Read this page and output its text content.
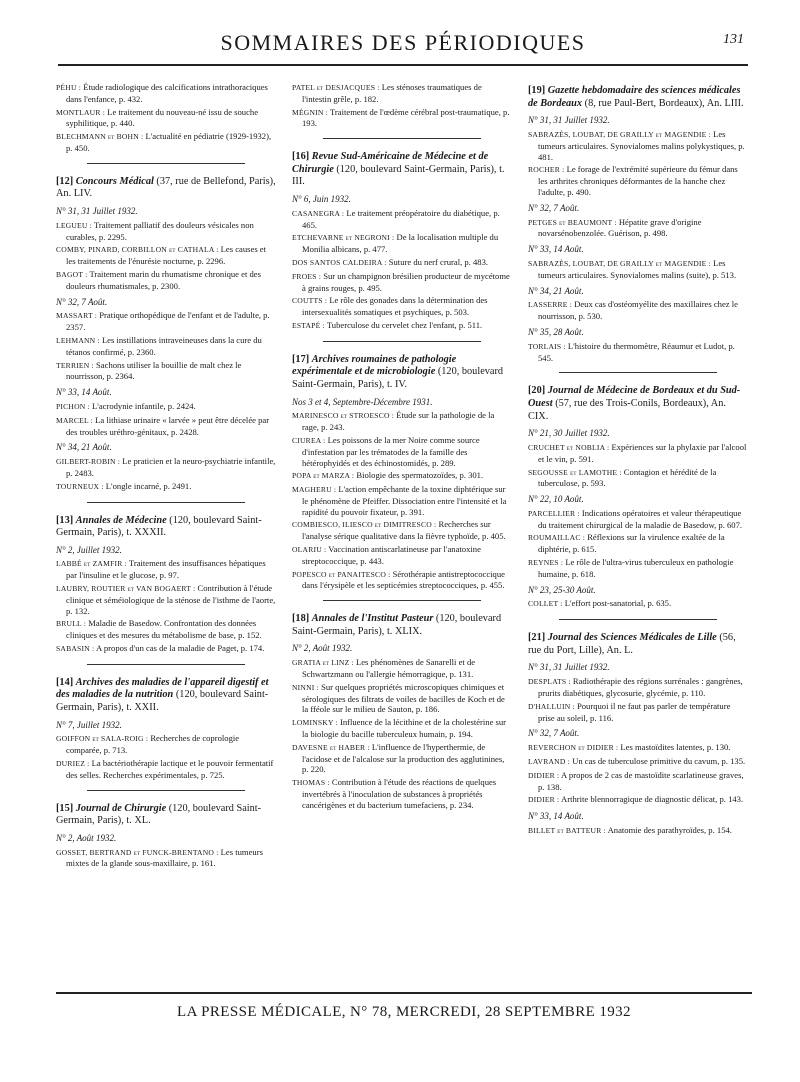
SOMMAIRES DES PÉRIODIQUES	131
PÉHU : Étude radiologique des calcifications intrathoraciques dans l'enfance, p. 432.
MONTLAUR : Le traitement du nouveau-né issu de souche syphilitique, p. 440.
BLECHMANN et BOHN : L'actualité en pédiatrie (1929-1932), p. 450.
[12] Concours Médical (37, rue de Bellefond, Paris), An. LIV.
N° 31, 31 Juillet 1932.
LEGUEU : Traitement palliatif des douleurs vésicales non curables, p. 2295.
COMBY, PINARD, CORBILLON et CATHALA : Les causes et les traitements de l'énurésie nocturne, p. 2296.
BAGOT : Traitement marin du rhumatisme chronique et des douleurs rhumatismales, p. 2300.
N° 32, 7 Août.
MASSART : Pratique orthopédique de l'enfant et de l'adulte, p. 2357.
LEHMANN : Les instillations intraveineuses dans la cure du tétanos confirmé, p. 2360.
TERRIEN : Sachons utiliser la bouillie de malt chez le nourrisson, p. 2364.
N° 33, 14 Août.
PICHON : L'acrodynie infantile, p. 2424.
MARCEL : La lithiase urinaire « larvée » peut être décelée par des troubles uréthro-génitaux, p. 2428.
N° 34, 21 Août.
GILBERT-ROBIN : Le praticien et la neuro-psychiatrie infantile, p. 2483.
TOURNEUX : L'ongle incarné, p. 2491.
[13] Annales de Médecine (120, boulevard Saint-Germain, Paris), t. XXXII.
N° 2, Juillet 1932.
LABBÉ et ZAMFIR : Traitement des insuffisances hépatiques par l'insuline et le glucose, p. 97.
LAUBRY, ROUTIER et VAN BOGAERT : Contribution à l'étude clinique et séméiologique de la sténose de l'isthme de l'aorte, p. 132.
BRULL : Maladie de Basedow. Confrontation des données cliniques et des mesures du métabolisme de base, p. 152.
SABASIN : A propos d'un cas de la maladie de Paget, p. 174.
[14] Archives des maladies de l'appareil digestif et des maladies de la nutrition (120, boulevard Saint-Germain, Paris), t. XXII.
N° 7, Juillet 1932.
GOIFFON et SALA-ROIG : Recherches de coprologie comparée, p. 713.
DURIEZ : La bactériothérapie lactique et le pouvoir fermentatif des selles. Recherches expérimentales, p. 725.
[15] Journal de Chirurgie (120, boulevard Saint-Germain, Paris), t. XL.
N° 2, Août 1932.
GOSSET, BERTRAND et FUNCK-BRENTANO : Les tumeurs mixtes de la glande sous-maxillaire, p. 161.
PATEL et DESJACQUES : Les sténoses traumatiques de l'intestin grêle, p. 182.
MÉGNIN : Traitement de l'œdème cérébral post-traumatique, p. 193.
[16] Revue Sud-Américaine de Médecine et de Chirurgie (120, boulevard Saint-Germain, Paris), t. III.
N° 6, Juin 1932.
CASANEGRA : Le traitement préopératoire du diabétique, p. 465.
ETCHEVARNE et NEGRONI : De la localisation multiple du Monilia albicans, p. 477.
DOS SANTOS CALDEIRA : Suture du nerf crural, p. 483.
FROES : Sur un champignon brésilien producteur de mycétome à grains rouges, p. 495.
COUTTS : Le rôle des gonades dans la détermination des intersexualités somatiques et psychiques, p. 503.
ESTAPÉ : Tuberculose du cervelet chez l'enfant, p. 511.
[17] Archives roumaines de pathologie expérimentale et de microbiologie (120, boulevard Saint-Germain, Paris), t. IV.
Nos 3 et 4, Septembre-Décembre 1931.
MARINESCO et STROESCO : Étude sur la pathologie de la rage, p. 243.
CIUREA : Les poissons de la mer Noire comme source d'infestation par les trématodes de la famille des hétérophyidés et des échinostomidés, p. 289.
POPA et MARZA : Biologie des spermatozoïdes, p. 301.
MAGHERU : L'action empêchante de la toxine diphtérique sur le phénomène de Pfeiffer. Dissociation entre l'intensité et la rapidité du pouvoir fixateur, p. 391.
COMBIESCO, ILIESCO et DIMITRESCO : Recherches sur l'analyse sérique qualitative dans la fièvre typhoïde, p. 405.
OLARIU : Vaccination antiscarlatineuse par l'anatoxine streptococcique, p. 443.
POPESCO et PANAITESCO : Sérothérapie antistreptococcique dans l'érysipèle et les septicémies streptococciques, p. 455.
[18] Annales de l'Institut Pasteur (120, boulevard Saint-Germain, Paris), t. XLIX.
N° 2, Août 1932.
GRATIA et LINZ : Les phénomènes de Sanarelli et de Schwartzmann ou l'allergie hémorragique, p. 131.
NINNI : Sur quelques propriétés microscopiques chimiques et sérologiques des filtrats de voiles de bacilles de Koch et de la fféole sur le milieu de Sauton, p. 186.
LOMINSKY : Influence de la lécithine et de la cholestérine sur la biologie du bacille tuberculeux humain, p. 194.
DAVESNE et HABER : L'influence de l'hyperthermie, de l'acidose et de l'alcalose sur la production des agglutinines, p. 220.
THOMAS : Contribution à l'étude des réactions de quelques invertébrés à l'inoculation de substances à propriétés cancérigènes et du bacterium tumefaciens, p. 234.
[19] Gazette hebdomadaire des sciences médicales de Bordeaux (8, rue Paul-Bert, Bordeaux), An. LIII.
N° 31, 31 Juillet 1932.
SABRAZÈS, LOUBAT, DE GRAILLY et MAGENDIE : Les tumeurs articulaires. Synovialomes malins polykystiques, p. 481.
ROCHER : Le forage de l'extrémité supérieure du fémur dans les arthrites chroniques déformantes de la hanche chez l'adulte, p. 490.
N° 32, 7 Août.
PETGES et BEAUMONT : Hépatite grave d'origine novarsénobenzolée. Guérison, p. 498.
N° 33, 14 Août.
SABRAZÈS, LOUBAT, DE GRAILLY et MAGENDIE : Les tumeurs articulaires. Synovialomes malins (suite), p. 513.
N° 34, 21 Août.
LASSERRE : Deux cas d'ostéomyélite des maxillaires chez le nourrisson, p. 530.
N° 35, 28 Août.
TORLAIS : L'histoire du thermomètre, Réaumur et Ludot, p. 545.
[20] Journal de Médecine de Bordeaux et du Sud-Ouest (57, rue des Trois-Conils, Bordeaux), An. CIX.
N° 21, 30 Juillet 1932.
CRUCHET et NOBLIA : Expériences sur la phylaxie par l'alcool et le vin, p. 591.
SEGOUSSE et LAMOTHE : Contagion et hérédité de la tuberculose, p. 593.
N° 22, 10 Août.
PARCELLIER : Indications opératoires et valeur thérapeutique du traitement chirurgical de la maladie de Basedow, p. 607.
ROUMAILLAC : Réflexions sur la virulence exaltée de la diphtérie, p. 615.
REYNES : Le rôle de l'ultra-virus tuberculeux en pathologie humaine, p. 618.
N° 23, 25-30 Août.
COLLET : L'effort post-sanatorial, p. 635.
[21] Journal des Sciences Médicales de Lille (56, rue du Port, Lille), An. L.
N° 31, 31 Juillet 1932.
DESPLATS : Radiothérapie des régions surrénales : gangrènes, prurits diabétiques, glycosurie, glycémie, p. 110.
D'HALLUIN : Pourquoi il ne faut pas parler de température prise au soleil, p. 116.
N° 32, 7 Août.
REVERCHON et DIDIER : Les mastoïdites latentes, p. 130.
LAVRAND : Un cas de tuberculose primitive du cavum, p. 135.
DIDIER : A propos de 2 cas de mastoïdite scarlatineuse graves, p. 138.
DIDIER : Arthrite blennorragique de diagnostic délicat, p. 143.
N° 33, 14 Août.
BILLET et BATTEUR : Anatomie des parathyroïdes, p. 154.
LA PRESSE MÉDICALE, N° 78, MERCREDI, 28 SEPTEMBRE 1932
